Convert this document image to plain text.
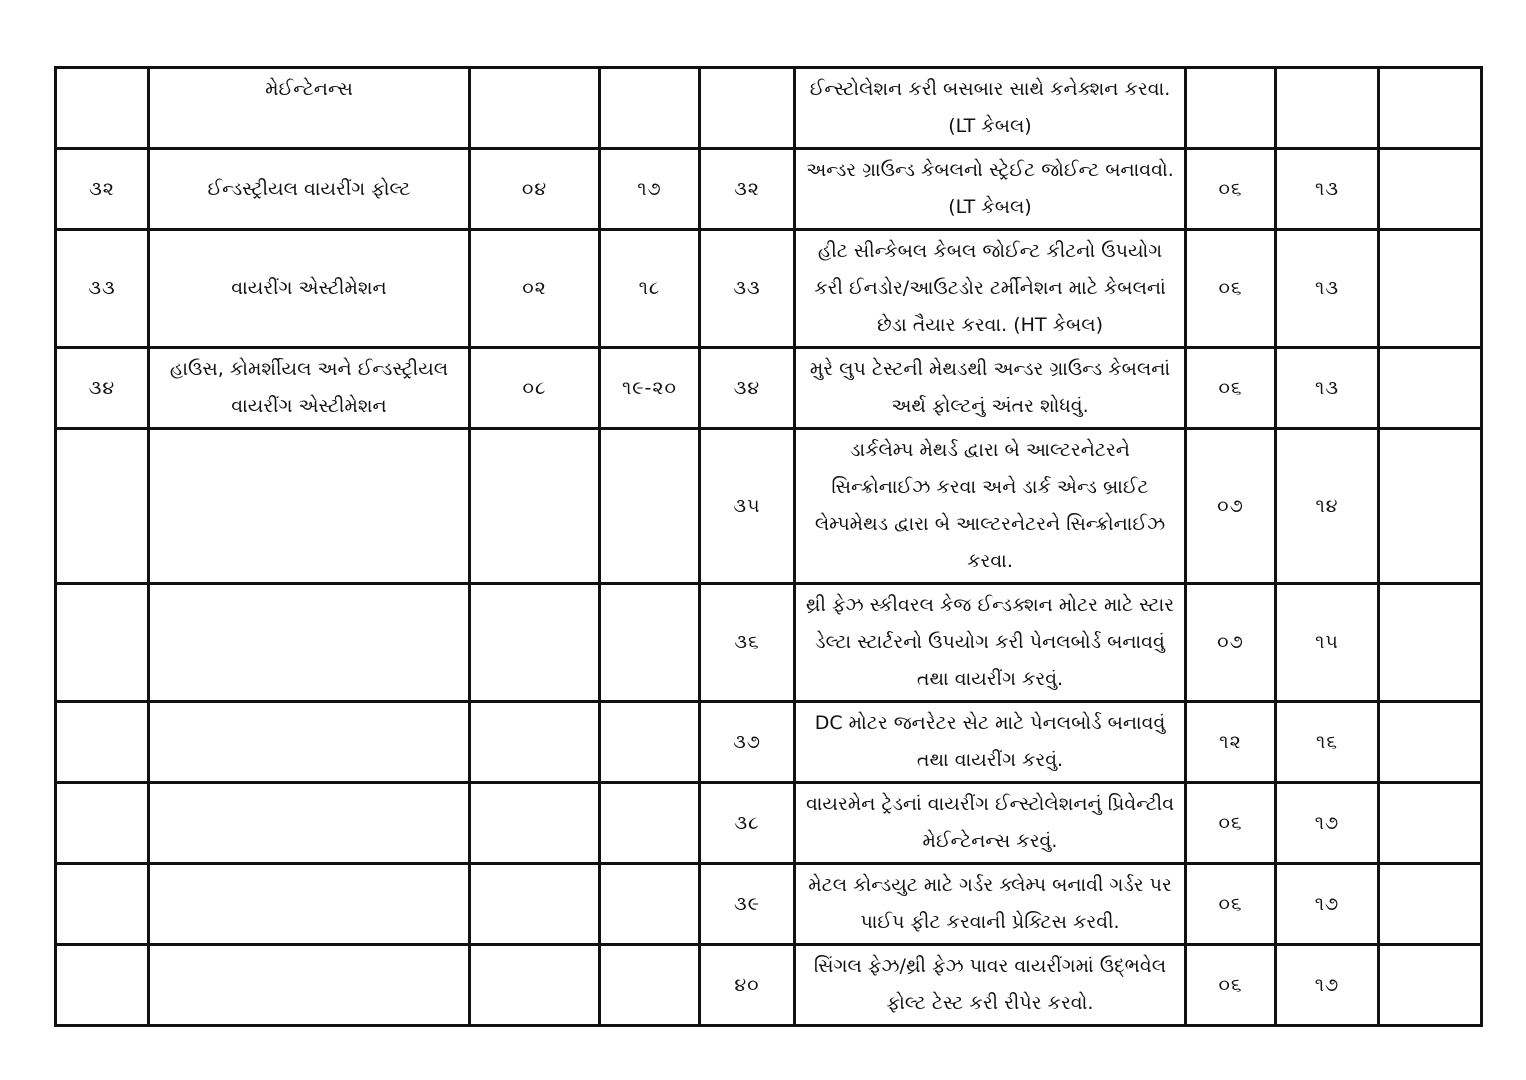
	મેઈન્ટેનન્સ				ઈન્સ્ટોલેશન કરી બસબાર સાથે કનેક્શન કરવા.(LT કેબલ)			
૩૨	ઈન્ડસ્ટ્રીયલ વાયરીંગ ફોલ્ટ	૦૪	૧૭	૩૨	અન્ડર ગ્રાઉન્ડ કેબલનો સ્ટ્રેઈટ જોઈન્ટ બનાવવો. (LT કેબલ)	૦૬	૧૩	
૩૩	વાયરીંગ એસ્ટીમેશન	૦૨	૧૮	૩૩	હીટ સીન્કેબલ કેબલ જોઈન્ટ કીટનો ઉપયોગ કરી ઈનડોર/આઉટડોર ટર્મીનેશન માટે કેબલનાં છેડા તૈયાર કરવા. (HT કેબલ)	૦૬	૧૩	
૩૪	હાઉસ, કોમર્શીયલ અને ઈન્ડસ્ટ્રીયલ વાયરીંગ એસ્ટીમેશન	૦૮	૧૯-૨૦	૩૪	મુરે લુપ ટેસ્ટની મેથડથી અન્ડર ગ્રાઉન્ડ કેબલનાં અર્થ ફોલ્ટનું અંતર શોધવું.	૦૬	૧૩	
				૩૫	ડાર્કલેમ્પ મેથર્ડ દ્વારા બે આલ્ટરનેટરને સિન્ક્રોનાઈઝ કરવા અને ડાર્ક એન્ડ બ્રાઈટ લેમ્પમેથડ દ્વારા બે આલ્ટરનેટરને સિન્ક્રોનાઈઝ કરવા.	૦૭	૧૪	
				૩૬	થ્રી ફેઝ સ્કીવરલ કેજ ઈન્ડક્શન મોટર માટે સ્ટાર ડેલ્ટા સ્ટાર્ટરનો ઉપયોગ કરી પેનલબોર્ડ બનાવવું તથા વાયરીંગ કરવું.	૦૭	૧૫	
				૩૭	DC મોટર જનરેટર સેટ માટે પેનલબોર્ડ બનાવવું તથા વાયરીંગ કરવું.	૧૨	૧૬	
				૩૮	વાયરમેન ટ્રેડનાં વાયરીંગ ઈન્સ્ટોલેશનનું પ્રિવેન્ટીવ મેઈન્ટેનન્સ કરવું.	૦૬	૧૭	
				૩૯	મેટલ કોન્ડયુટ માટે ગર્ડર ક્લેમ્પ બનાવી ગર્ડર પર પાઈપ ફીટ કરવાની પ્રેક્ટિસ કરવી.	૦૬	૧૭	
				૪૦	સિંગલ ફેઝ/થ્રી ફેઝ પાવર વાયરીંગમાં ઉદ્ભવેલ ફોલ્ટ ટેસ્ટ કરી રીપેર કરવો.	૦૬	૧૭	
